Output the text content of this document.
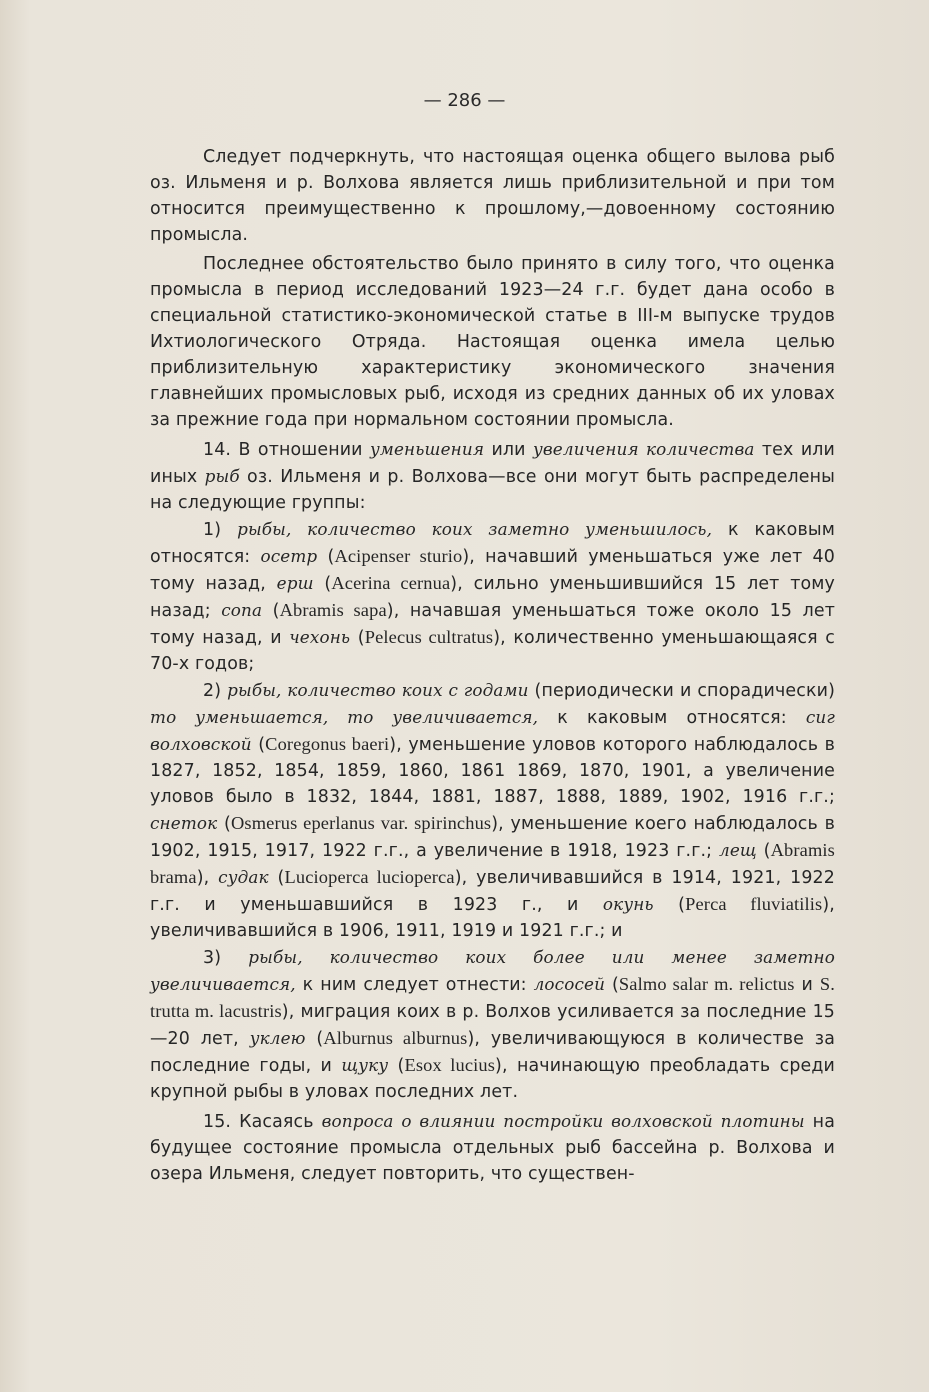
— 286 —

Следует подчеркнуть, что настоящая оценка общего вылова рыб оз. Ильменя и р. Волхова является лишь приблизительной и при том относится преимущественно к прошлому,—довоенному состоянию промысла.

Последнее обстоятельство было принято в силу того, что оценка промысла в период исследований 1923—24 г.г. будет дана особо в специальной статистико-экономической статье в III-м выпуске трудов Ихтиологического Отряда. Настоящая оценка имела целью приблизительную характеристику экономического значения главнейших промысловых рыб, исходя из средних данных об их уловах за прежние года при нормальном состоянии промысла.

14. В отношении уменьшения или увеличения количества тех или иных рыб оз. Ильменя и р. Волхова—все они могут быть распределены на следующие группы:

1) рыбы, количество коих заметно уменьшилось, к каковым относятся: осетр (Acipenser sturio), начавший уменьшаться уже лет 40 тому назад, ерш (Acerina cernua), сильно уменьшившийся 15 лет тому назад; сопа (Abramis sapa), начавшая уменьшаться тоже около 15 лет тому назад, и чехонь (Pelecus cultratus), количественно уменьшающаяся с 70-х годов;

2) рыбы, количество коих с годами (периодически и спорадически) то уменьшается, то увеличивается, к каковым относятся: сиг волховской (Coregonus baeri), уменьшение уловов которого наблюдалось в 1827, 1852, 1854, 1859, 1860, 1861 1869, 1870, 1901, а увеличение уловов было в 1832, 1844, 1881, 1887, 1888, 1889, 1902, 1916 г.г.; снеток (Osmerus eperlanus var. spirinchus), уменьшение коего наблюдалось в 1902, 1915, 1917, 1922 г.г., а увеличение в 1918, 1923 г.г.; лещ (Abramis brama), судак (Lucioperca lucioperca), увеличивавшийся в 1914, 1921, 1922 г.г. и уменьшавшийся в 1923 г., и окунь (Perca fluviatilis), увеличивавшийся в 1906, 1911, 1919 и 1921 г.г.; и

3) рыбы, количество коих более или менее заметно увеличивается, к ним следует отнести: лососей (Salmo salar m. relictus и S. trutta m. lacustris), миграция коих в р. Волхов усиливается за последние 15—20 лет, уклею (Alburnus alburnus), увеличивающуюся в количестве за последние годы, и щуку (Esox lucius), начинающую преобладать среди крупной рыбы в уловах последних лет.

15. Касаясь вопроса о влиянии постройки волховской плотины на будущее состояние промысла отдельных рыб бассейна р. Волхова и озера Ильменя, следует повторить, что существен-
